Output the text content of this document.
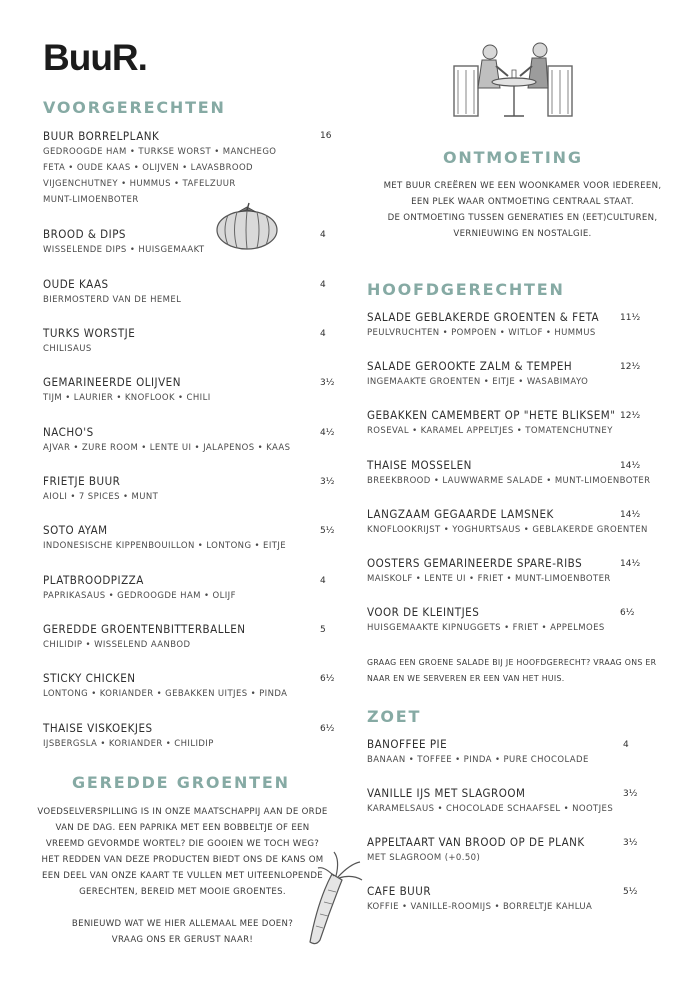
BuuR.
VOORGERECHTEN
BUUR BORRELPLANK
GEDROOGDE HAM • TURKSE WORST • MANCHEGO
FETA • OUDE KAAS • OLIJVEN • LAVASBROOD
VIJGENCHUTNEY • HUMMUS • TAFELZUUR
MUNT-LIMOENBOTER
16
BROOD & DIPS
WISSELENDE DIPS • HUISGEMAAKT
4
OUDE KAAS
BIERMOSTERD VAN DE HEMEL
4
TURKS WORSTJE
CHILISAUS
4
GEMARINEERDE OLIJVEN
TIJM • LAURIER • KNOFLOOK • CHILI
3½
NACHO'S
AJVAR • ZURE ROOM • LENTE UI • JALAPENOS • KAAS
4½
FRIETJE BUUR
AIOLI • 7 SPICES • MUNT
3½
SOTO AYAM
INDONESISCHE KIPPENBOUILLON • LONTONG • EITJE
5½
PLATBROODPIZZA
PAPRIKASAUS • GEDROOGDE HAM • OLIJF
4
GEREDDE GROENTENBITTERBALLEN
CHILIDIP • WISSELEND AANBOD
5
STICKY CHICKEN
LONTONG • KORIANDER • GEBAKKEN UITJES • PINDA
6½
THAISE VISKOEKJES
IJSBERGSLA • KORIANDER • CHILIDIP
6½
GEREDDE GROENTEN
VOEDSELVERSPILLING IS IN ONZE MAATSCHAPPIJ AAN DE ORDE
VAN DE DAG. EEN PAPRIKA MET EEN BOBBELTJE OF EEN
VREEMD GEVORMDE WORTEL? DIE GOOIEN WE TOCH WEG?
HET REDDEN VAN DEZE PRODUCTEN BIEDT ONS DE KANS OM
EEN DEEL VAN ONZE KAART TE VULLEN MET UITEENLOPENDE
GERECHTEN, BEREID MET MOOIE GROENTES.
BENIEUWD WAT WE HIER ALLEMAAL MEE DOEN?
VRAAG ONS ER GERUST NAAR!
ONTMOETING
MET BUUR CREËREN WE EEN WOONKAMER VOOR IEDEREEN,
EEN PLEK WAAR ONTMOETING CENTRAAL STAAT.
DE ONTMOETING TUSSEN GENERATIES EN (EET)CULTUREN,
VERNIEUWING EN NOSTALGIE.
HOOFDGERECHTEN
SALADE GEBLAKERDE GROENTEN & FETA
PEULVRUCHTEN • POMPOEN • WITLOF • HUMMUS
11½
SALADE GEROOKTE ZALM & TEMPEH
INGEMAAKTE GROENTEN • EITJE • WASABIMAYO
12½
GEBAKKEN CAMEMBERT OP "HETE BLIKSEM"
ROSEVAL • KARAMEL APPELTJES • TOMATENCHUTNEY
12½
THAISE MOSSELEN
BREEKBROOD • LAUWWARME SALADE • MUNT-LIMOENBOTER
14½
LANGZAAM GEGAARDE LAMSNEK
KNOFLOOKRIJST • YOGHURTSAUS • GEBLAKERDE GROENTEN
14½
OOSTERS GEMARINEERDE SPARE-RIBS
MAISKOLF • LENTE UI • FRIET • MUNT-LIMOENBOTER
14½
VOOR DE KLEINTJES
HUISGEMAAKTE KIPNUGGETS • FRIET • APPELMOES
6½
GRAAG EEN GROENE SALADE BIJ JE HOOFDGERECHT? VRAAG ONS ER
NAAR EN WE SERVEREN ER EEN VAN HET HUIS.
ZOET
BANOFFEE PIE
BANAAN • TOFFEE • PINDA • PURE CHOCOLADE
4
VANILLE IJS MET SLAGROOM
KARAMELSAUS • CHOCOLADE SCHAAFSEL • NOOTJES
3½
APPELTAART VAN BROOD OP DE PLANK
MET SLAGROOM (+0.50)
3½
CAFE BUUR
KOFFIE • VANILLE-ROOMIJS • BORRELTJE KAHLUA
5½
